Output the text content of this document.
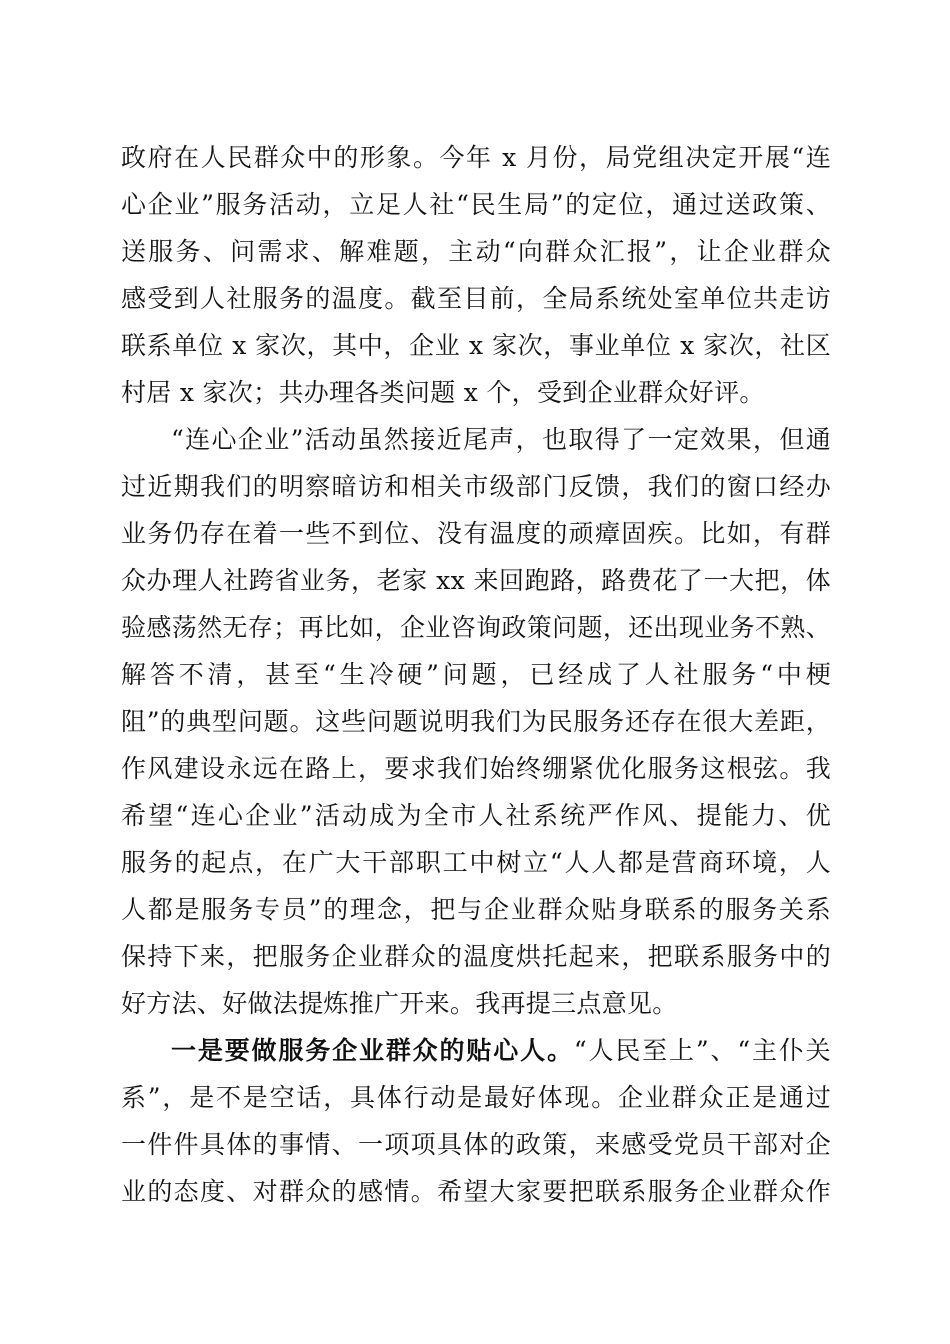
政府在人民群众中的形象。今年 x 月份，局党组决定开展“连
心企业”服务活动，立足人社“民生局”的定位，通过送政策、
送服务、问需求、解难题，主动“向群众汇报”，让企业群众
感受到人社服务的温度。截至目前，全局系统处室单位共走访
联系单位 x 家次，其中，企业 x 家次，事业单位 x 家次，社区
村居 x 家次；共办理各类问题 x 个，受到企业群众好评。
“连心企业”活动虽然接近尾声，也取得了一定效果，但通
过近期我们的明察暗访和相关市级部门反馈，我们的窗口经办
业务仍存在着一些不到位、没有温度的顽瘴固疾。比如，有群
众办理人社跨省业务，老家 xx 来回跑路，路费花了一大把，体
验感荡然无存；再比如，企业咨询政策问题，还出现业务不熟、
解答不清，甚至“生冷硬”问题，已经成了人社服务“中梗
阻”的典型问题。这些问题说明我们为民服务还存在很大差距，
作风建设永远在路上，要求我们始终绷紧优化服务这根弦。我
希望“连心企业”活动成为全市人社系统严作风、提能力、优
服务的起点，在广大干部职工中树立“人人都是营商环境，人
人都是服务专员”的理念，把与企业群众贴身联系的服务关系
保持下来，把服务企业群众的温度烘托起来，把联系服务中的
好方法、好做法提炼推广开来。我再提三点意见。
一是要做服务企业群众的贴心人。“人民至上”、“主仆关
系”，是不是空话，具体行动是最好体现。企业群众正是通过
一件件具体的事情、一项项具体的政策，来感受党员干部对企
业的态度、对群众的感情。希望大家要把联系服务企业群众作
